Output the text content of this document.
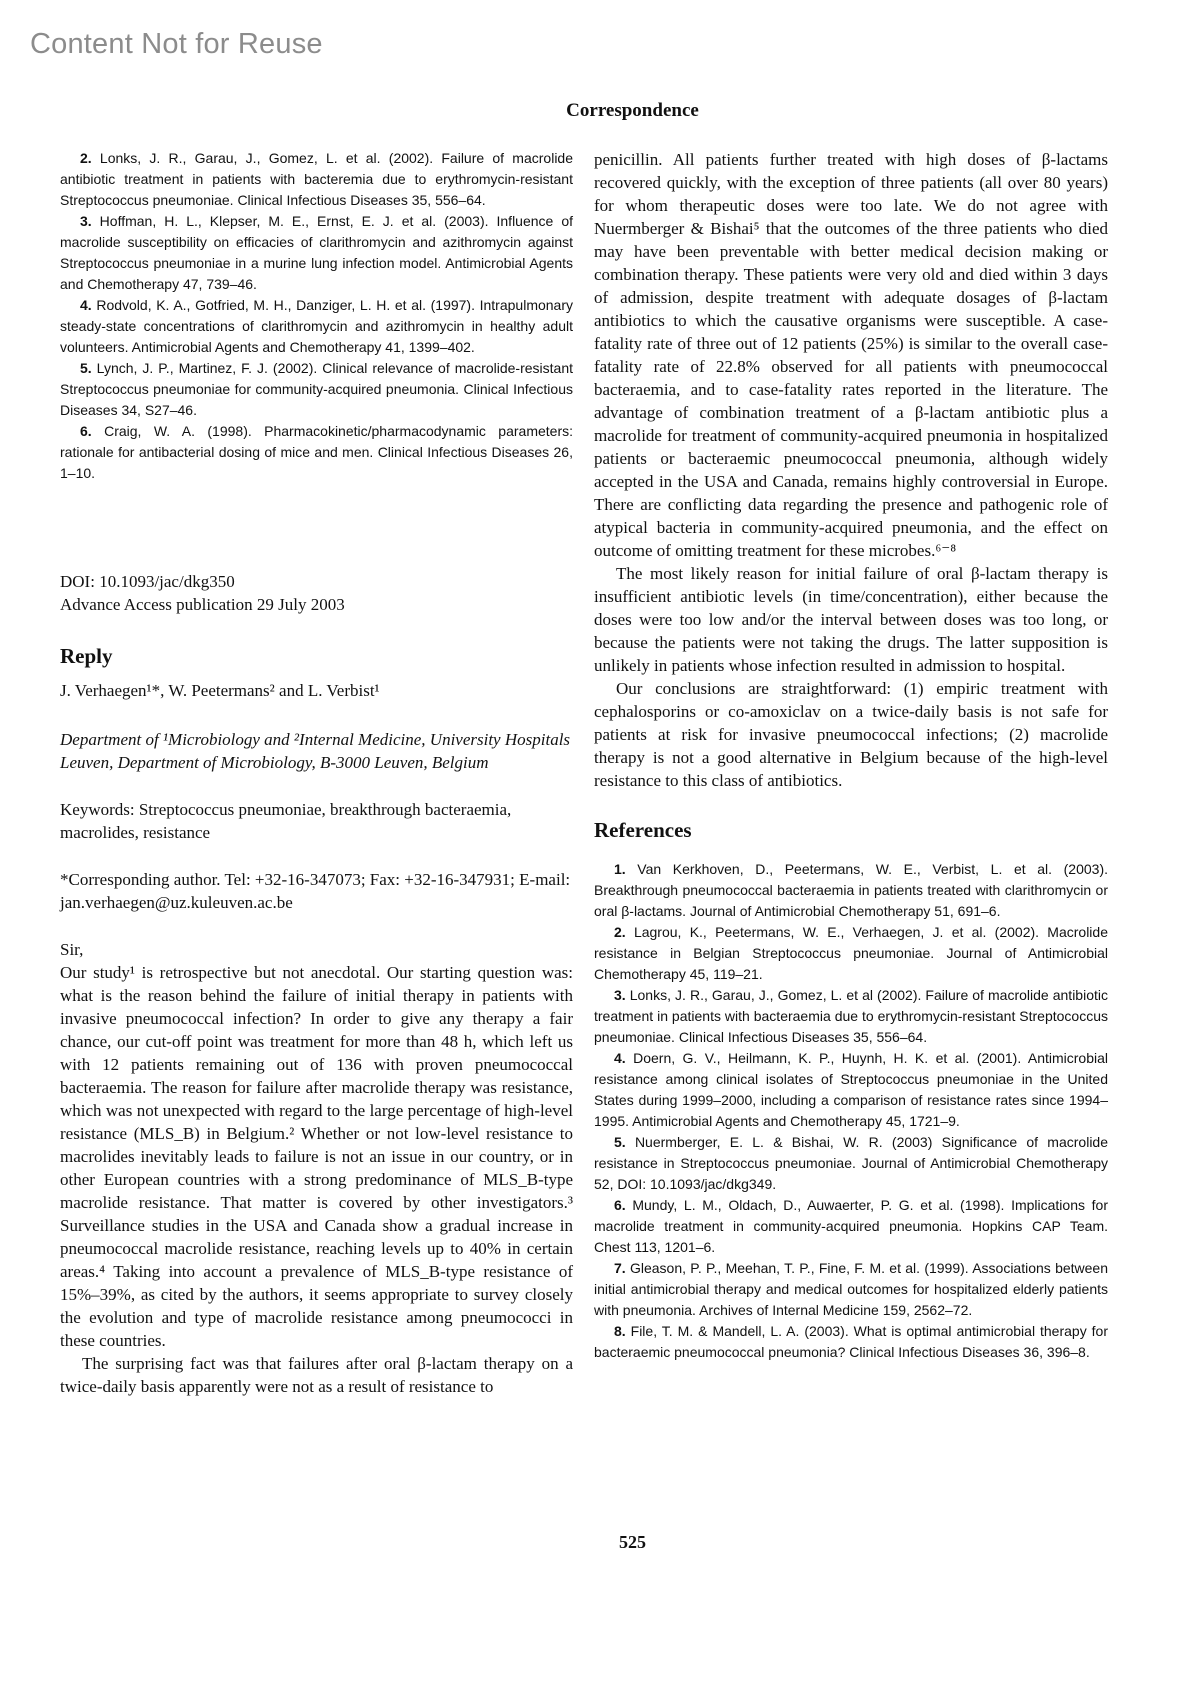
Content Not for Reuse
Correspondence

2. Lonks, J. R., Garau, J., Gomez, L. et al. (2002). Failure of macrolide antibiotic treatment in patients with bacteremia due to erythromycin-resistant Streptococcus pneumoniae. Clinical Infectious Diseases 35, 556–64.

3. Hoffman, H. L., Klepser, M. E., Ernst, E. J. et al. (2003). Influence of macrolide susceptibility on efficacies of clarithromycin and azithromycin against Streptococcus pneumoniae in a murine lung infection model. Antimicrobial Agents and Chemotherapy 47, 739–46.

4. Rodvold, K. A., Gotfried, M. H., Danziger, L. H. et al. (1997). Intrapulmonary steady-state concentrations of clarithromycin and azithromycin in healthy adult volunteers. Antimicrobial Agents and Chemotherapy 41, 1399–402.

5. Lynch, J. P., Martinez, F. J. (2002). Clinical relevance of macrolide-resistant Streptococcus pneumoniae for community-acquired pneumonia. Clinical Infectious Diseases 34, S27–46.

6. Craig, W. A. (1998). Pharmacokinetic/pharmacodynamic parameters: rationale for antibacterial dosing of mice and men. Clinical Infectious Diseases 26, 1–10.

DOI: 10.1093/jac/dkg350

Advance Access publication 29 July 2003

Reply

J. Verhaegen¹*, W. Peetermans² and L. Verbist¹

Department of ¹Microbiology and ²Internal Medicine, University Hospitals Leuven, Department of Microbiology, B-3000 Leuven, Belgium

Keywords: Streptococcus pneumoniae, breakthrough bacteraemia, macrolides, resistance

*Corresponding author. Tel: +32-16-347073; Fax: +32-16-347931; E-mail: jan.verhaegen@uz.kuleuven.ac.be

Sir,

Our study¹ is retrospective but not anecdotal. Our starting question was: what is the reason behind the failure of initial therapy in patients with invasive pneumococcal infection? In order to give any therapy a fair chance, our cut-off point was treatment for more than 48 h, which left us with 12 patients remaining out of 136 with proven pneumococcal bacteraemia. The reason for failure after macrolide therapy was resistance, which was not unexpected with regard to the large percentage of high-level resistance (MLS_B) in Belgium.² Whether or not low-level resistance to macrolides inevitably leads to failure is not an issue in our country, or in other European countries with a strong predominance of MLS_B-type macrolide resistance. That matter is covered by other investigators.³ Surveillance studies in the USA and Canada show a gradual increase in pneumococcal macrolide resistance, reaching levels up to 40% in certain areas.⁴ Taking into account a prevalence of MLS_B-type resistance of 15%–39%, as cited by the authors, it seems appropriate to survey closely the evolution and type of macrolide resistance among pneumococci in these countries.

The surprising fact was that failures after oral β-lactam therapy on a twice-daily basis apparently were not as a result of resistance to

penicillin. All patients further treated with high doses of β-lactams recovered quickly, with the exception of three patients (all over 80 years) for whom therapeutic doses were too late. We do not agree with Nuermberger & Bishai⁵ that the outcomes of the three patients who died may have been preventable with better medical decision making or combination therapy. These patients were very old and died within 3 days of admission, despite treatment with adequate dosages of β-lactam antibiotics to which the causative organisms were susceptible. A case-fatality rate of three out of 12 patients (25%) is similar to the overall case-fatality rate of 22.8% observed for all patients with pneumococcal bacteraemia, and to case-fatality rates reported in the literature. The advantage of combination treatment of a β-lactam antibiotic plus a macrolide for treatment of community-acquired pneumonia in hospitalized patients or bacteraemic pneumococcal pneumonia, although widely accepted in the USA and Canada, remains highly controversial in Europe. There are conflicting data regarding the presence and pathogenic role of atypical bacteria in community-acquired pneumonia, and the effect on outcome of omitting treatment for these microbes.⁶⁻⁸

The most likely reason for initial failure of oral β-lactam therapy is insufficient antibiotic levels (in time/concentration), either because the doses were too low and/or the interval between doses was too long, or because the patients were not taking the drugs. The latter supposition is unlikely in patients whose infection resulted in admission to hospital.

Our conclusions are straightforward: (1) empiric treatment with cephalosporins or co-amoxiclav on a twice-daily basis is not safe for patients at risk for invasive pneumococcal infections; (2) macrolide therapy is not a good alternative in Belgium because of the high-level resistance to this class of antibiotics.

References

1. Van Kerkhoven, D., Peetermans, W. E., Verbist, L. et al. (2003). Breakthrough pneumococcal bacteraemia in patients treated with clarithromycin or oral β-lactams. Journal of Antimicrobial Chemotherapy 51, 691–6.

2. Lagrou, K., Peetermans, W. E., Verhaegen, J. et al. (2002). Macrolide resistance in Belgian Streptococcus pneumoniae. Journal of Antimicrobial Chemotherapy 45, 119–21.

3. Lonks, J. R., Garau, J., Gomez, L. et al (2002). Failure of macrolide antibiotic treatment in patients with bacteraemia due to erythromycin-resistant Streptococcus pneumoniae. Clinical Infectious Diseases 35, 556–64.

4. Doern, G. V., Heilmann, K. P., Huynh, H. K. et al. (2001). Antimicrobial resistance among clinical isolates of Streptococcus pneumoniae in the United States during 1999–2000, including a comparison of resistance rates since 1994–1995. Antimicrobial Agents and Chemotherapy 45, 1721–9.

5. Nuermberger, E. L. & Bishai, W. R. (2003) Significance of macrolide resistance in Streptococcus pneumoniae. Journal of Antimicrobial Chemotherapy 52, DOI: 10.1093/jac/dkg349.

6. Mundy, L. M., Oldach, D., Auwaerter, P. G. et al. (1998). Implications for macrolide treatment in community-acquired pneumonia. Hopkins CAP Team. Chest 113, 1201–6.

7. Gleason, P. P., Meehan, T. P., Fine, F. M. et al. (1999). Associations between initial antimicrobial therapy and medical outcomes for hospitalized elderly patients with pneumonia. Archives of Internal Medicine 159, 2562–72.

8. File, T. M. & Mandell, L. A. (2003). What is optimal antimicrobial therapy for bacteraemic pneumococcal pneumonia? Clinical Infectious Diseases 36, 396–8.

525
